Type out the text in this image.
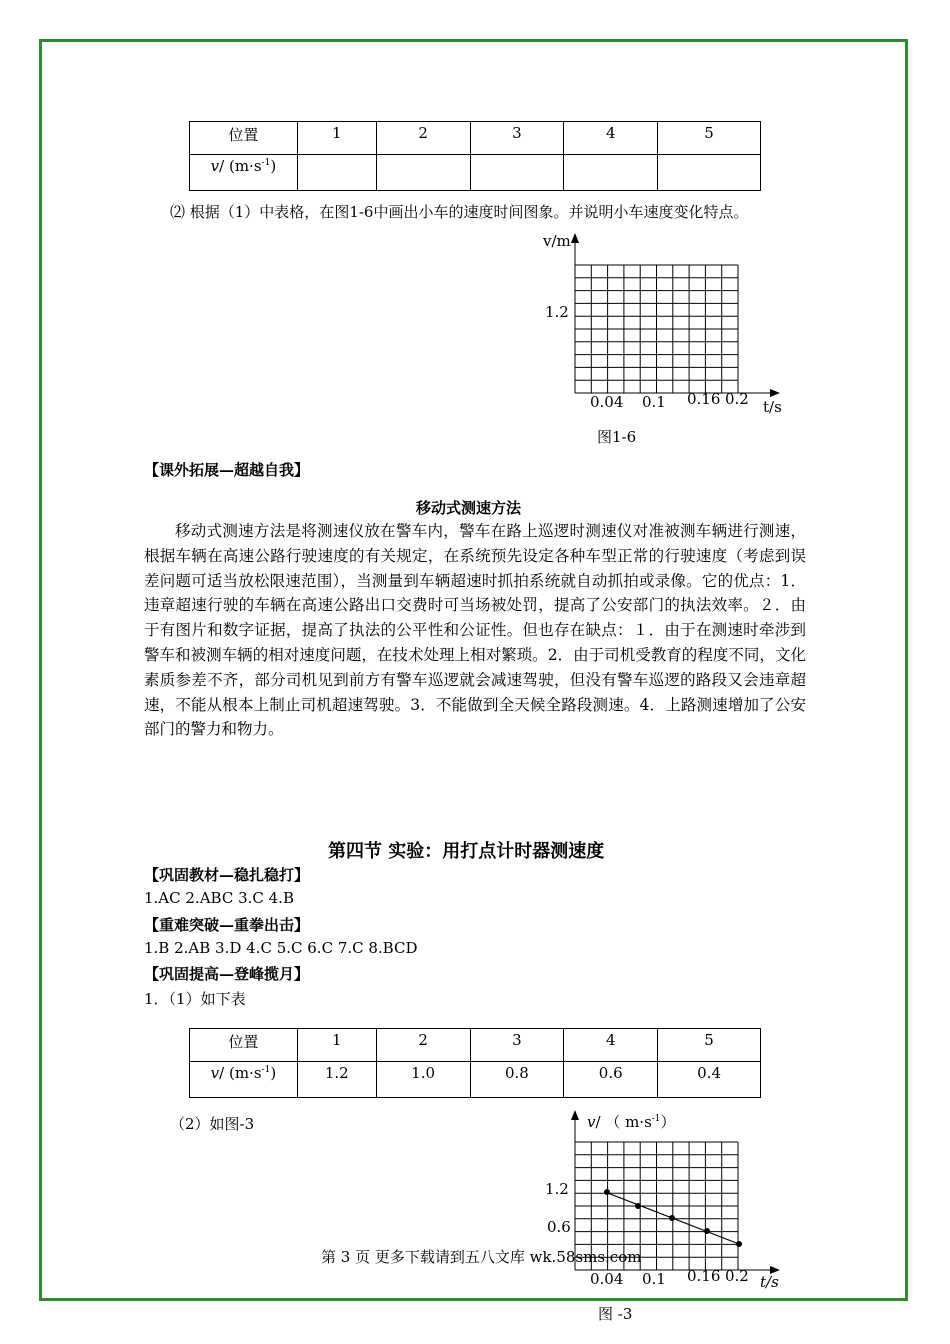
位置	1	2	3	4	5
v/ $(m\cdot s^{-1})$					
⑵ 根据（1）中表格，在图1-6中画出小车的速度时间图象。并说明小车速度变化特点。
v/m
1.2
0.04 0.1 0.16 0.2 t/s
图1-6
【课外拓展—超越自我】
移动式测速方法

移动式测速方法是将测速仪放在警车内，警车在路上巡逻时测速仪对准被测车辆进行测速，根据车辆在高速公路行驶速度的有关规定，在系统预先设定各种车型正常的行驶速度（考虑到误差问题可适当放松限速范围），当测量到车辆超速时抓拍系统就自动抓拍或录像。它的优点：1．违章超速行驶的车辆在高速公路出口交费时可当场被处罚，提高了公安部门的执法效率。２．由于有图片和数字证据，提高了执法的公平性和公证性。但也存在缺点：１．由于在测速时牵涉到警车和被测车辆的相对速度问题，在技术处理上相对繁琐。2．由于司机受教育的程度不同，文化素质参差不齐，部分司机见到前方有警车巡逻就会减速驾驶，但没有警车巡逻的路段又会违章超速，不能从根本上制止司机超速驾驶。3．不能做到全天候全路段测速。4．上路测速增加了公安部门的警力和物力。

第四节 实验：用打点计时器测速度
【巩固教材—稳扎稳打】
1.AC 2.ABC 3.C 4.B
【重难突破—重拳出击】
1.B 2.AB 3.D 4.C 5.C 6.C 7.C 8.BCD
【巩固提高—登峰揽月】
1．（1）如下表
位置	1	2	3	4	5
v/ $(m\cdot s^{-1})$	1.2	1.0	0.8	0.6	0.4
（2）如图-3	v/ （ $m\cdot s^{-1}$）
1.2
0.6
0.04 0.1 0.16 0.2 t/s
图 -3
第 3 页 更多下载请到五八文库 wk.58sms.com
